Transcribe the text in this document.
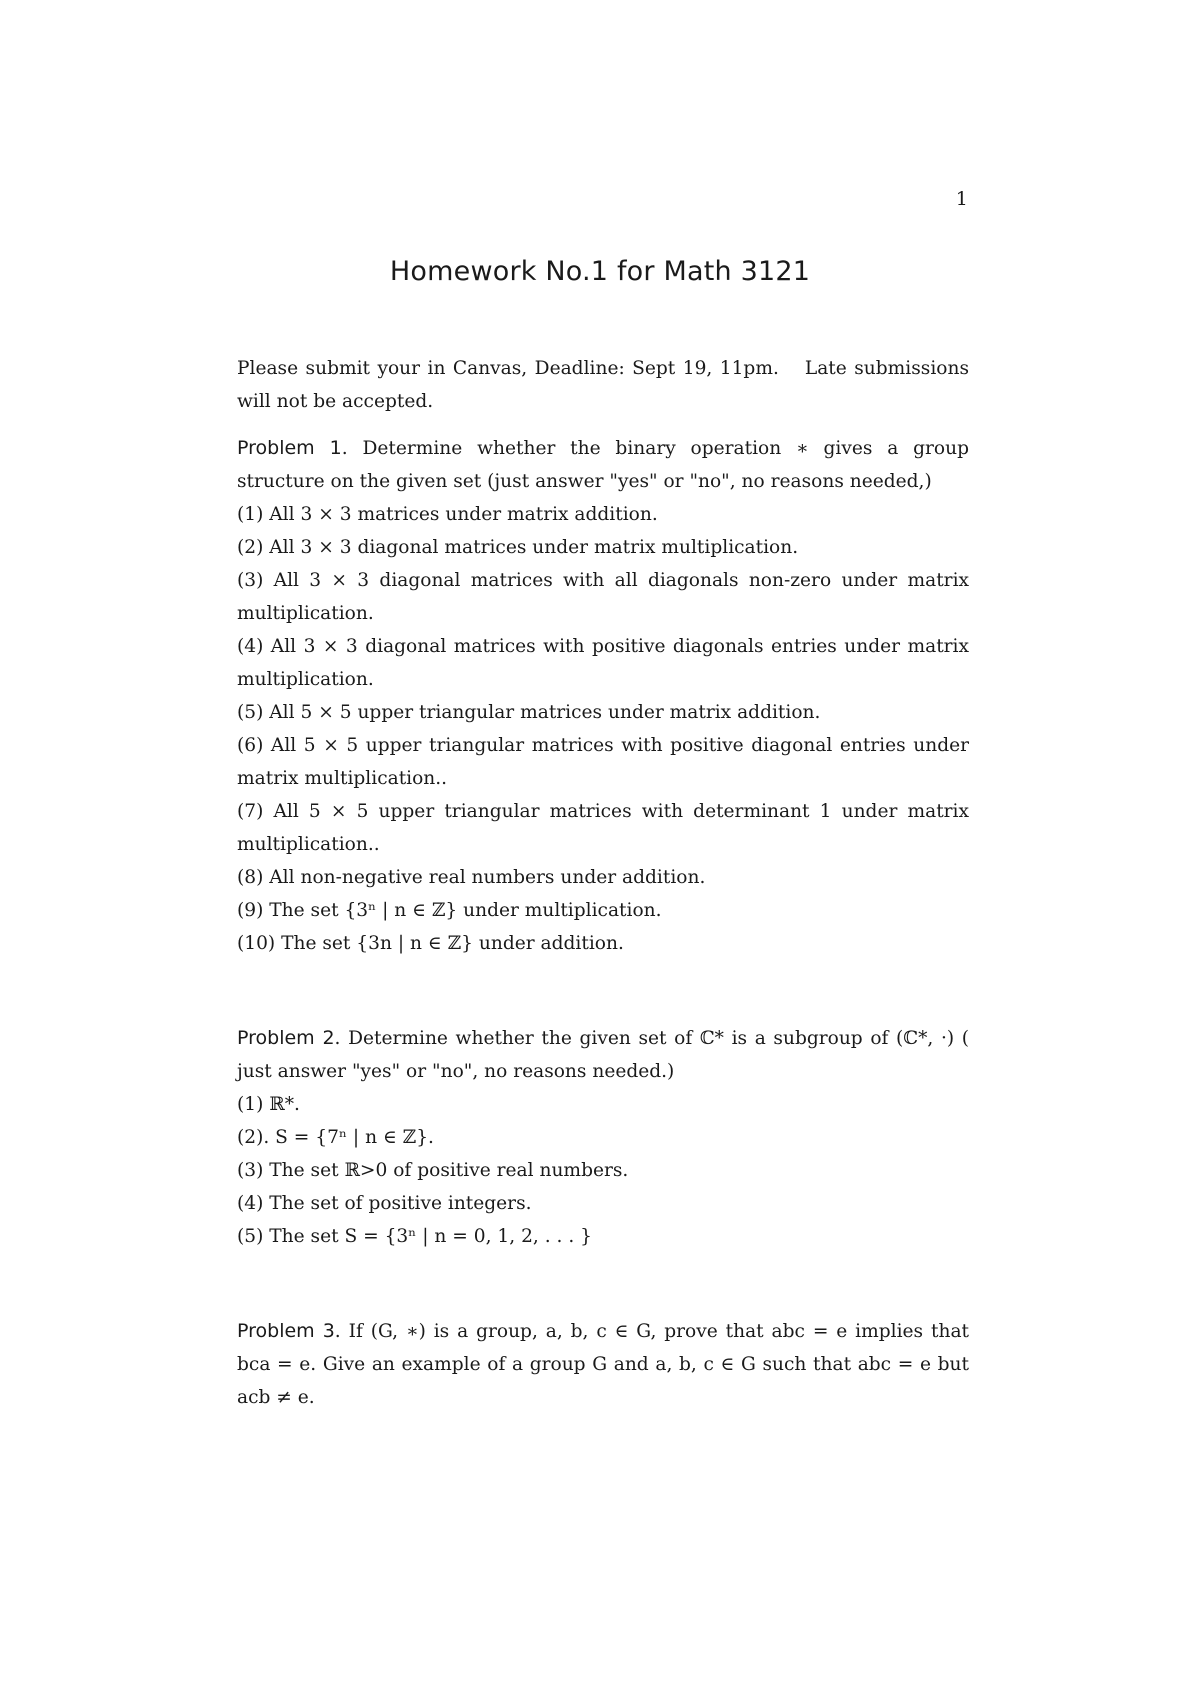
1
Homework No.1 for Math 3121

Please submit your in Canvas, Deadline: Sept 19, 11pm. Late submissions will not be accepted.

Problem 1. Determine whether the binary operation ∗ gives a group structure on the given set (just answer "yes" or "no", no reasons needed,)

(1) All 3 × 3 matrices under matrix addition.
(2) All 3 × 3 diagonal matrices under matrix multiplication.
(3) All 3 × 3 diagonal matrices with all diagonals non-zero under matrix multiplication.
(4) All 3 × 3 diagonal matrices with positive diagonals entries under matrix multiplication.
(5) All 5 × 5 upper triangular matrices under matrix addition.
(6) All 5 × 5 upper triangular matrices with positive diagonal entries under matrix multiplication..
(7) All 5 × 5 upper triangular matrices with determinant 1 under matrix multiplication..
(8) All non-negative real numbers under addition.
(9) The set {3ⁿ | n ∈ ℤ} under multiplication.
(10) The set {3n | n ∈ ℤ} under addition.

Problem 2. Determine whether the given set of ℂ* is a subgroup of (ℂ*, ·) ( just answer "yes" or "no", no reasons needed.)

(1) ℝ*.
(2). S = {7ⁿ | n ∈ ℤ}.
(3) The set ℝ>0 of positive real numbers.
(4) The set of positive integers.
(5) The set S = {3ⁿ | n = 0, 1, 2, . . . }

Problem 3. If (G, ∗) is a group, a, b, c ∈ G, prove that abc = e implies that bca = e. Give an example of a group G and a, b, c ∈ G such that abc = e but acb ≠ e.
